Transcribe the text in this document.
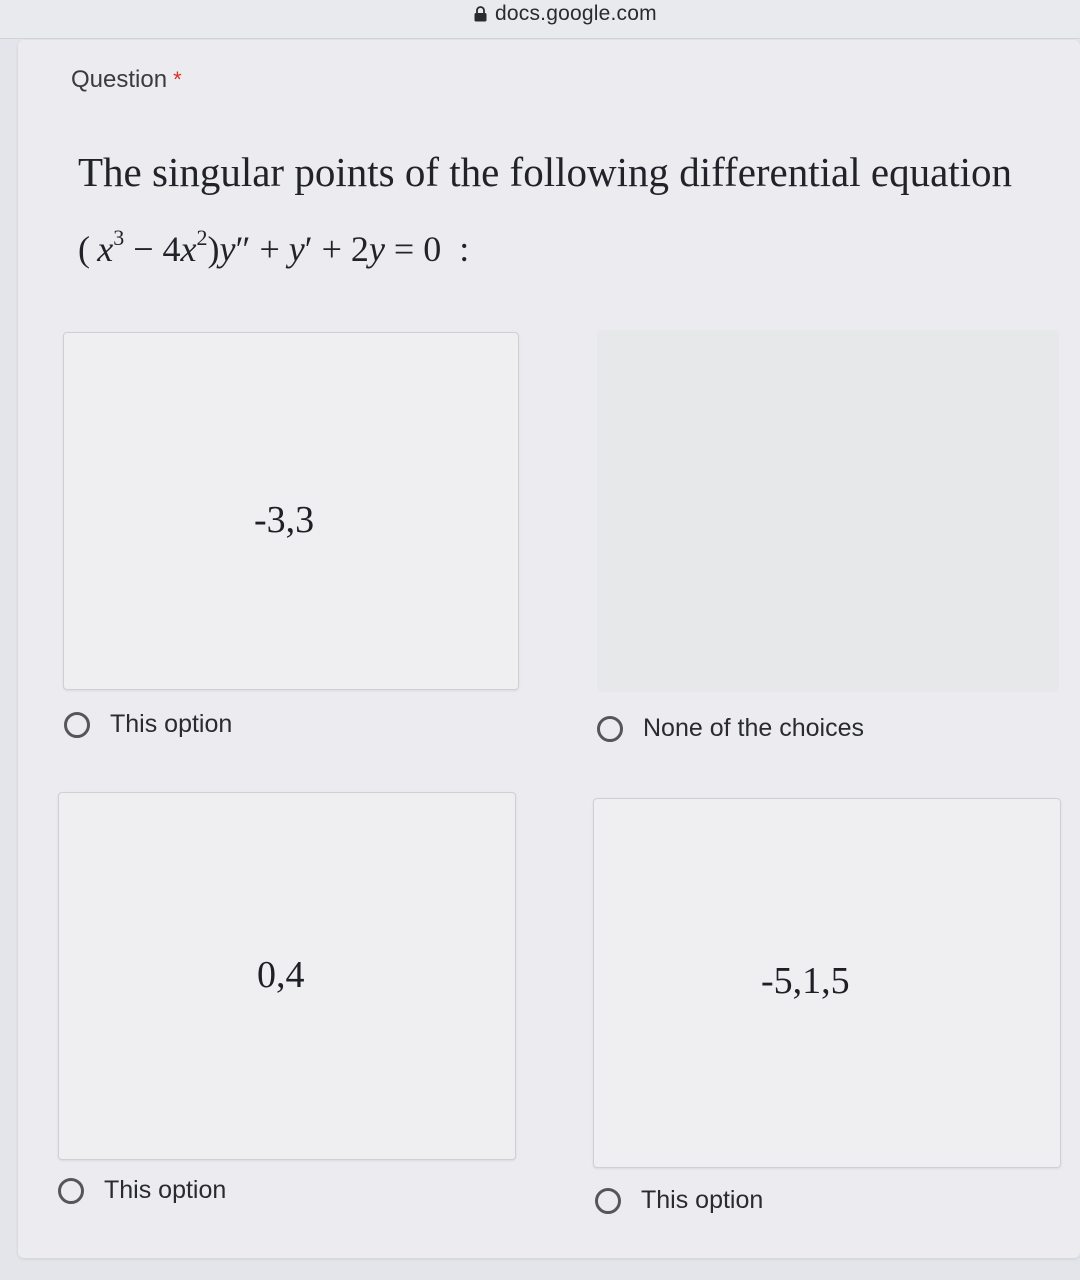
docs.google.com
Question *
The singular points of the following differential equation
( $x^3 - 4x^2)y'' + y' + 2y = 0$  :
-3,3
This option	None of the choices
0,4
This option
-5,1,5
This option
